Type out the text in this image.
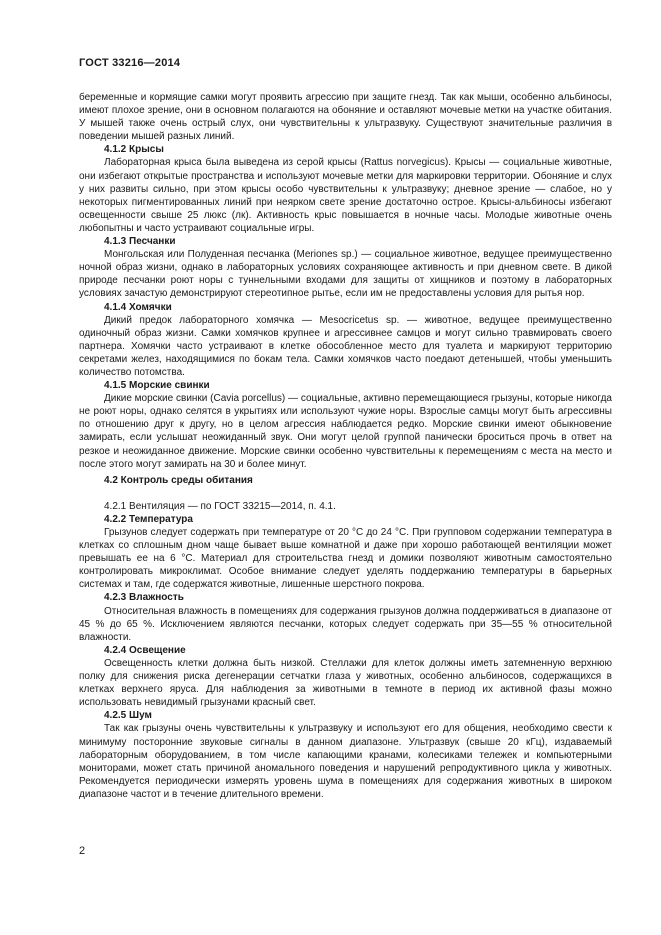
ГОСТ 33216—2014

беременные и кормящие самки могут проявить агрессию при защите гнезд. Так как мыши, особенно альбиносы, имеют плохое зрение, они в основном полагаются на обоняние и оставляют мочевые метки на участке обитания. У мышей также очень острый слух, они чувствительны к ультразвуку. Существуют значительные различия в поведении мышей разных линий.

4.1.2 Крысы

Лабораторная крыса была выведена из серой крысы (Rattus norvegicus). Крысы — социальные животные, они избегают открытые пространства и используют мочевые метки для маркировки территории. Обоняние и слух у них развиты сильно, при этом крысы особо чувствительны к ультразвуку; дневное зрение — слабое, но у некоторых пигментированных линий при неярком свете зрение достаточно острое. Крысы-альбиносы избегают освещенности свыше 25 люкс (лк). Активность крыс повышается в ночные часы. Молодые животные очень любопытны и часто устраивают социальные игры.

4.1.3 Песчанки

Монгольская или Полуденная песчанка (Meriones sp.) — социальное животное, ведущее преимущественно ночной образ жизни, однако в лабораторных условиях сохраняющее активность и при дневном свете. В дикой природе песчанки роют норы с туннельными входами для защиты от хищников и поэтому в лабораторных условиях зачастую демонстрируют стереотипное рытье, если им не предоставлены условия для рытья нор.

4.1.4 Хомячки

Дикий предок лабораторного хомячка — Mesocricetus sp. — животное, ведущее преимущественно одиночный образ жизни. Самки хомячков крупнее и агрессивнее самцов и могут сильно травмировать своего партнера. Хомячки часто устраивают в клетке обособленное место для туалета и маркируют территорию секретами желез, находящимися по бокам тела. Самки хомячков часто поедают детенышей, чтобы уменьшить количество потомства.

4.1.5 Морские свинки

Дикие морские свинки (Cavia porcellus) — социальные, активно перемещающиеся грызуны, которые никогда не роют норы, однако селятся в укрытиях или используют чужие норы. Взрослые самцы могут быть агрессивны по отношению друг к другу, но в целом агрессия наблюдается редко. Морские свинки имеют обыкновение замирать, если услышат неожиданный звук. Они могут целой группой панически броситься прочь в ответ на резкое и неожиданное движение. Морские свинки особенно чувствительны к перемещениям с места на место и после этого могут замирать на 30 и более минут.

4.2 Контроль среды обитания

4.2.1 Вентиляция — по ГОСТ 33215—2014, п. 4.1.

4.2.2 Температура

Грызунов следует содержать при температуре от 20 °С до 24 °С. При групповом содержании температура в клетках со сплошным дном чаще бывает выше комнатной и даже при хорошо работающей вентиляции может превышать ее на 6 °С. Материал для строительства гнезд и домики позволяют животным самостоятельно контролировать микроклимат. Особое внимание следует уделять поддержанию температуры в барьерных системах и там, где содержатся животные, лишенные шерстного покрова.

4.2.3 Влажность

Относительная влажность в помещениях для содержания грызунов должна поддерживаться в диапазоне от 45 % до 65 %. Исключением являются песчанки, которых следует содержать при 35—55 % относительной влажности.

4.2.4 Освещение

Освещенность клетки должна быть низкой. Стеллажи для клеток должны иметь затемненную верхнюю полку для снижения риска дегенерации сетчатки глаза у животных, особенно альбиносов, содержащихся в клетках верхнего яруса. Для наблюдения за животными в темноте в период их активной фазы можно использовать невидимый грызунами красный свет.

4.2.5 Шум

Так как грызуны очень чувствительны к ультразвуку и используют его для общения, необходимо свести к минимуму посторонние звуковые сигналы в данном диапазоне. Ультразвук (свыше 20 кГц), издаваемый лабораторным оборудованием, в том числе капающими кранами, колесиками тележек и компьютерными мониторами, может стать причиной аномального поведения и нарушений репродуктивного цикла у животных. Рекомендуется периодически измерять уровень шума в помещениях для содержания животных в широком диапазоне частот и в течение длительного времени.

2
